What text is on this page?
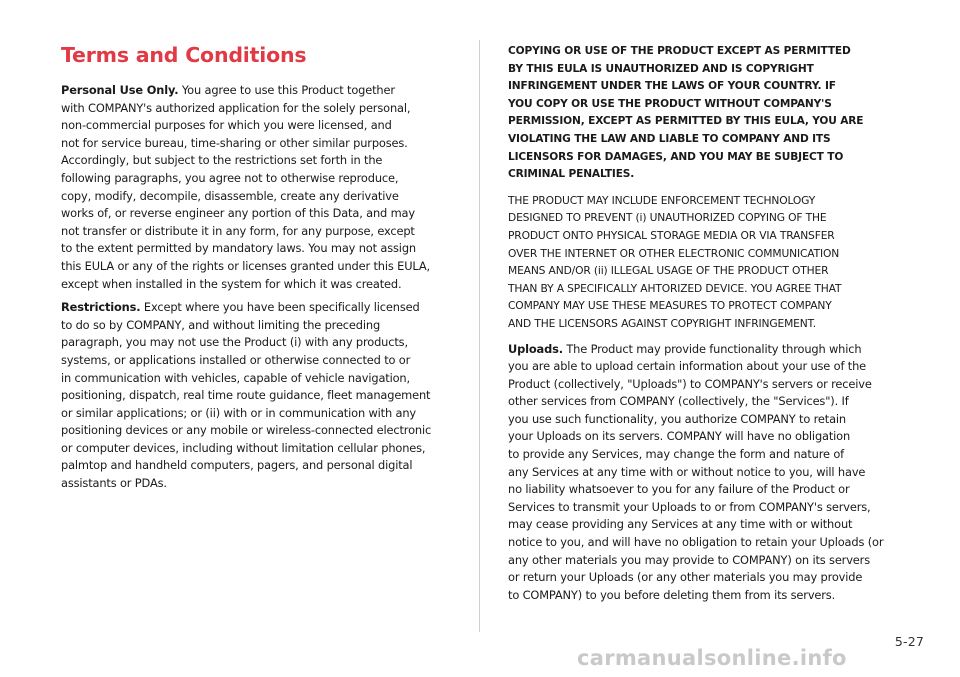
Terms and Conditions

Personal Use Only. You agree to use this Product together
with COMPANY's authorized application for the solely personal,
non-commercial purposes for which you were licensed, and
not for service bureau, time-sharing or other similar purposes.
Accordingly, but subject to the restrictions set forth in the
following paragraphs, you agree not to otherwise reproduce,
copy, modify, decompile, disassemble, create any derivative
works of, or reverse engineer any portion of this Data, and may
not transfer or distribute it in any form, for any purpose, except
to the extent permitted by mandatory laws. You may not assign
this EULA or any of the rights or licenses granted under this EULA,
except when installed in the system for which it was created.

Restrictions. Except where you have been specifically licensed
to do so by COMPANY, and without limiting the preceding
paragraph, you may not use the Product (i) with any products,
systems, or applications installed or otherwise connected to or
in communication with vehicles, capable of vehicle navigation,
positioning, dispatch, real time route guidance, fleet management
or similar applications; or (ii) with or in communication with any
positioning devices or any mobile or wireless-connected electronic
or computer devices, including without limitation cellular phones,
palmtop and handheld computers, pagers, and personal digital
assistants or PDAs.

COPYING OR USE OF THE PRODUCT EXCEPT AS PERMITTED
BY THIS EULA IS UNAUTHORIZED AND IS COPYRIGHT
INFRINGEMENT UNDER THE LAWS OF YOUR COUNTRY. IF
YOU COPY OR USE THE PRODUCT WITHOUT COMPANY'S
PERMISSION, EXCEPT AS PERMITTED BY THIS EULA, YOU ARE
VIOLATING THE LAW AND LIABLE TO COMPANY AND ITS
LICENSORS FOR DAMAGES, AND YOU MAY BE SUBJECT TO
CRIMINAL PENALTIES.

THE PRODUCT MAY INCLUDE ENFORCEMENT TECHNOLOGY
DESIGNED TO PREVENT (i) UNAUTHORIZED COPYING OF THE
PRODUCT ONTO PHYSICAL STORAGE MEDIA OR VIA TRANSFER
OVER THE INTERNET OR OTHER ELECTRONIC COMMUNICATION
MEANS AND/OR (ii) ILLEGAL USAGE OF THE PRODUCT OTHER
THAN BY A SPECIFICALLY AHTORIZED DEVICE. YOU AGREE THAT
COMPANY MAY USE THESE MEASURES TO PROTECT COMPANY
AND THE LICENSORS AGAINST COPYRIGHT INFRINGEMENT.

Uploads. The Product may provide functionality through which
you are able to upload certain information about your use of the
Product (collectively, "Uploads") to COMPANY's servers or receive
other services from COMPANY (collectively, the "Services"). If
you use such functionality, you authorize COMPANY to retain
your Uploads on its servers. COMPANY will have no obligation
to provide any Services, may change the form and nature of
any Services at any time with or without notice to you, will have
no liability whatsoever to you for any failure of the Product or
Services to transmit your Uploads to or from COMPANY's servers,
may cease providing any Services at any time with or without
notice to you, and will have no obligation to retain your Uploads (or
any other materials you may provide to COMPANY) on its servers
or return your Uploads (or any other materials you may provide
to COMPANY) to you before deleting them from its servers.

5-27
carmanualsonline.info
